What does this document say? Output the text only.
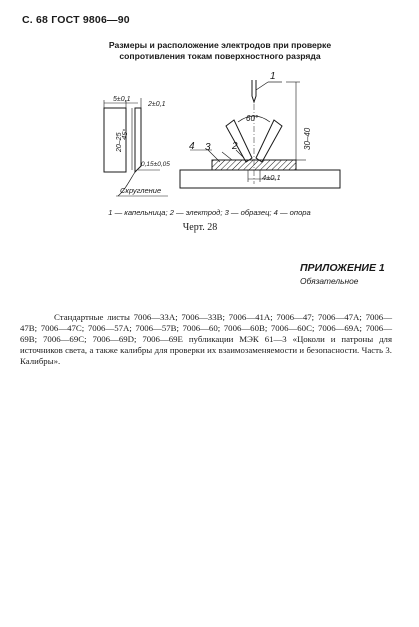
С. 68 ГОСТ 9806—90
Размеры и расположение электродов при проверке
сопротивления токам поверхностного разряда
5±0,1
2±0,1
45°
20–25
0,15±0,05
Скругление
1
60°
30–40
4 3 2
4±0,1
1 — капельница; 2 — электрод; 3 — образец; 4 — опора
Черт. 28
ПРИЛОЖЕНИЕ 1
Обязательное

Стандартные листы 7006—33А; 7006—33В; 7006—41А; 7006—47; 7006—47А; 7006—47В; 7006—47С; 7006—57А; 7006—57В; 7006—60; 7006—60В; 7006—60С; 7006—69А; 7006—69В; 7006—69С; 7006—69D; 7006—69Е публикации МЭК 61—3 «Цоколи и патроны для источников света, а также калибры для проверки их взаимозаменяемости и безопасности. Часть 3. Калибры».
